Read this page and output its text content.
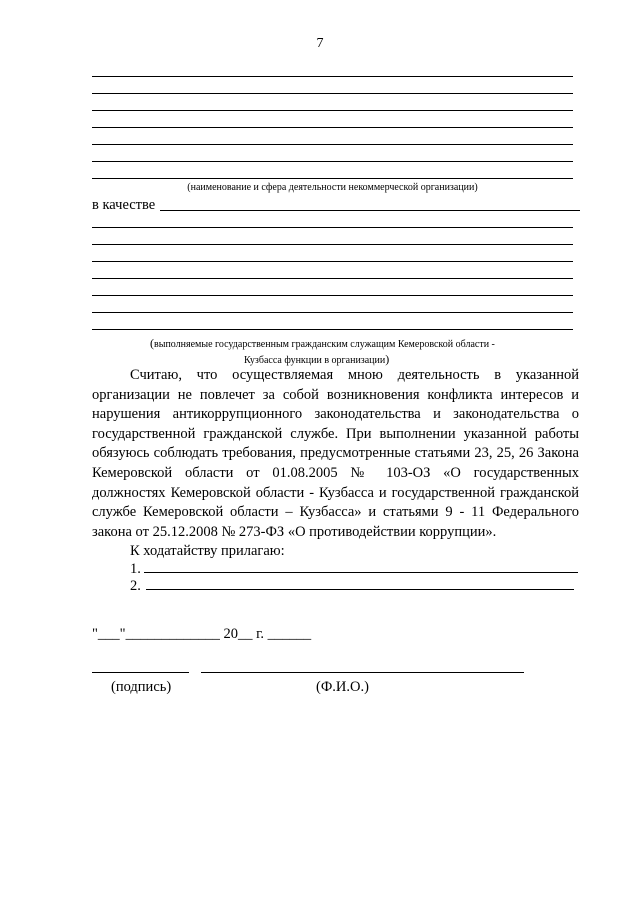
7
(наименование и сфера деятельности некоммерческой организации)
в качестве
(выполняемые государственным гражданским служащим Кемеровской области -
Кузбасса функции в организации)
Считаю, что осуществляемая мною деятельность в указанной организации не повлечет за собой возникновения конфликта интересов и нарушения антикоррупционного законодательства и законодательства о государственной гражданской службе. При выполнении указанной работы обязуюсь соблюдать требования, предусмотренные статьями 23, 25, 26 Закона Кемеровской области от 01.08.2005 № 103-ОЗ «О государственных должностях Кемеровской области - Кузбасса и государственной гражданской службе Кемеровской области – Кузбасса» и статьями 9 - 11 Федерального закона от 25.12.2008 № 273-ФЗ «О противодействии коррупции».
К ходатайству прилагаю:
1.
2.
"___"_____________ 20__ г. ______
(подпись)	(Ф.И.О.)
